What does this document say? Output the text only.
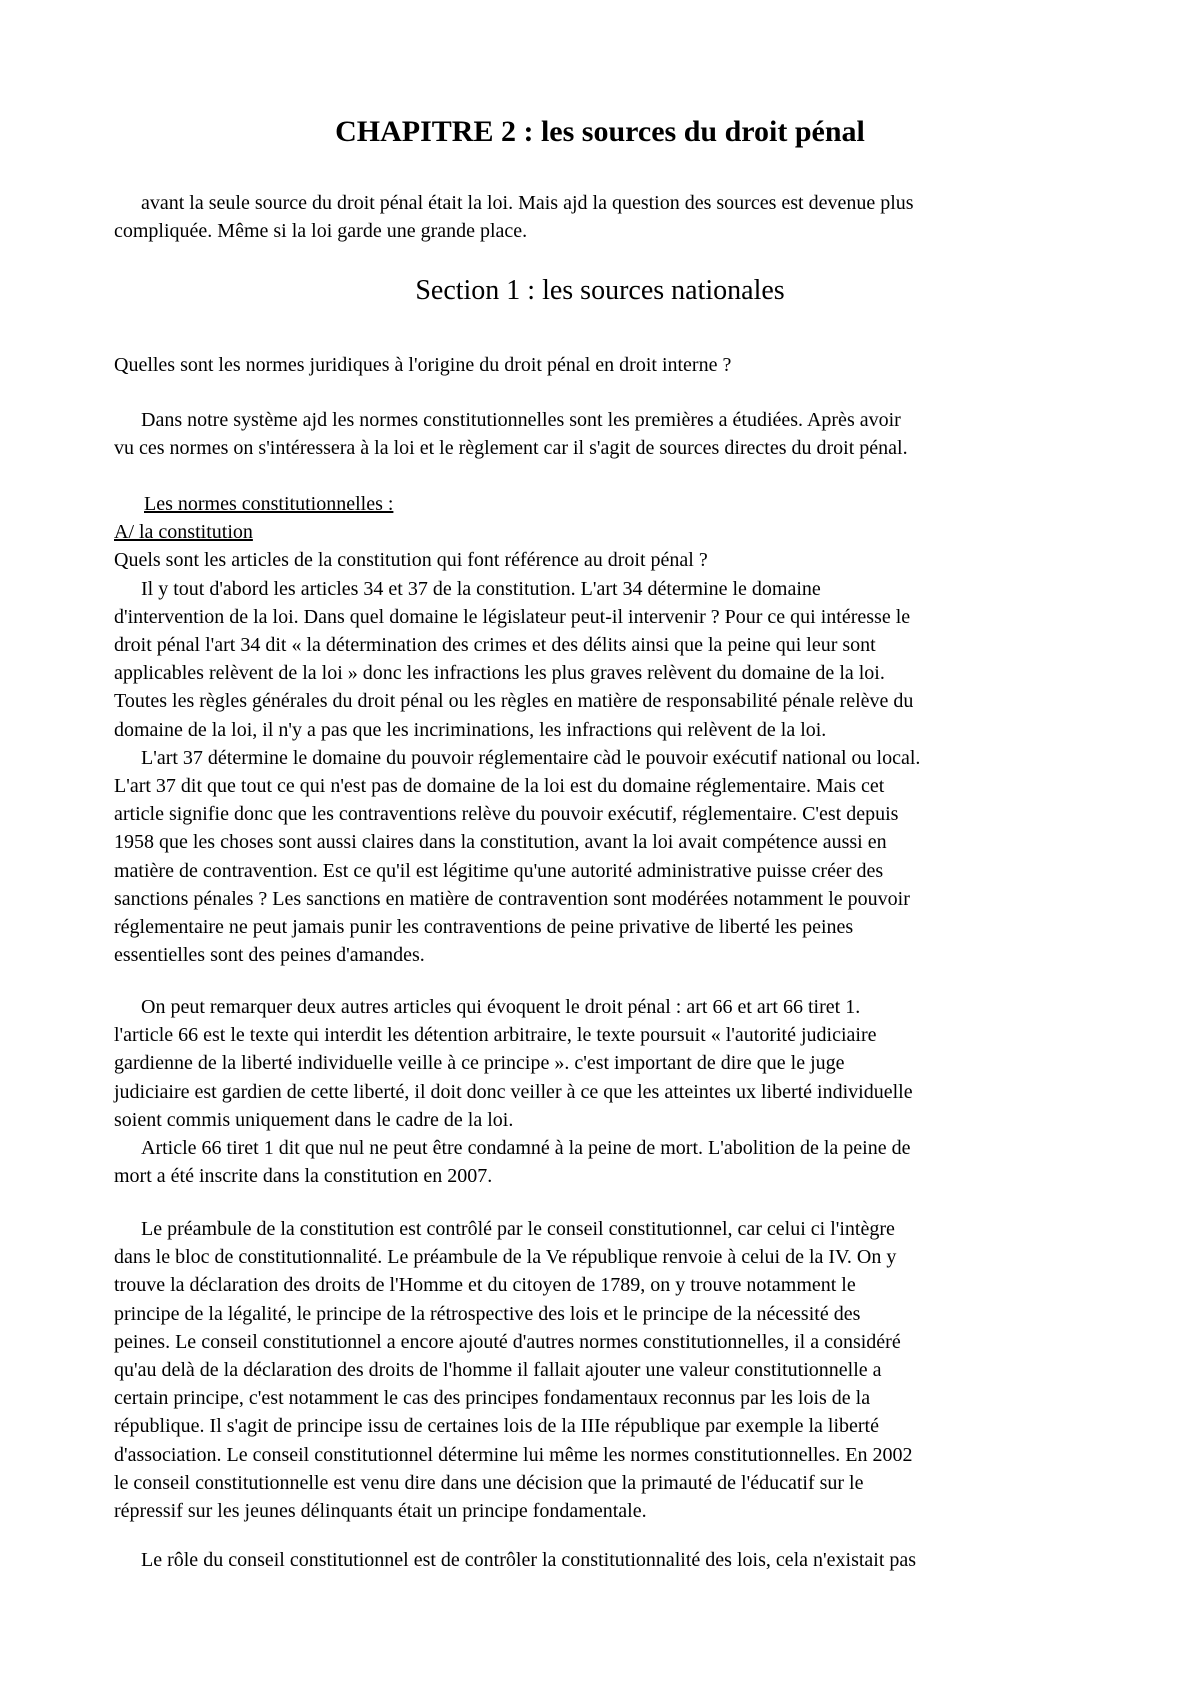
CHAPITRE 2 : les sources du droit pénal
avant la seule source du droit pénal était la loi. Mais ajd la question des sources est devenue plus
compliquée. Même si la loi garde une grande place.
Section 1 : les sources nationales
Quelles sont les normes juridiques à l'origine du droit pénal en droit interne ?
Dans notre système ajd les normes constitutionnelles sont les premières a étudiées. Après avoir
vu ces normes on s'intéressera à la loi et le règlement car il s'agit de sources directes du droit pénal.
Les normes constitutionnelles :
A/ la constitution
Quels sont les articles de la constitution qui font référence au droit pénal ?
Il y tout d'abord les articles 34 et 37 de la constitution. L'art 34 détermine le domaine
d'intervention de la loi. Dans quel domaine le législateur peut-il intervenir ? Pour ce qui intéresse le
droit pénal l'art 34 dit « la détermination des crimes et des délits ainsi que la peine qui leur sont
applicables relèvent de la loi » donc les infractions les plus graves relèvent du domaine de la loi.
Toutes les règles générales du droit pénal ou les règles en matière de responsabilité pénale relève du
domaine de la loi, il n'y a pas que les incriminations, les infractions qui relèvent de la loi.
L'art 37 détermine le domaine du pouvoir réglementaire càd le pouvoir exécutif national ou local.
L'art 37 dit que tout ce qui n'est pas de domaine de la loi est du domaine réglementaire. Mais cet
article signifie donc que les contraventions relève du pouvoir exécutif, réglementaire. C'est depuis
1958 que les choses sont aussi claires dans la constitution, avant la loi avait compétence aussi en
matière de contravention. Est ce qu'il est légitime qu'une autorité administrative puisse créer des
sanctions pénales ? Les sanctions en matière de contravention sont modérées notamment le pouvoir
réglementaire ne peut jamais punir les contraventions de peine privative de liberté les peines
essentielles sont des peines d'amandes.
On peut remarquer deux autres articles qui évoquent le droit pénal : art 66 et art 66 tiret 1.
l'article 66 est le texte qui interdit les détention arbitraire, le texte poursuit « l'autorité judiciaire
gardienne de la liberté individuelle veille à ce principe ». c'est important de dire que le juge
judiciaire est gardien de cette liberté, il doit donc veiller à ce que les atteintes ux liberté individuelle
soient commis uniquement dans le cadre de la loi.
Article 66 tiret 1 dit que nul ne peut être condamné à la peine de mort. L'abolition de la peine de
mort a été inscrite dans la constitution en 2007.
Le préambule de la constitution est contrôlé par le conseil constitutionnel, car celui ci l'intègre
dans le bloc de constitutionnalité. Le préambule de la Ve république renvoie à celui de la IV. On y
trouve la déclaration des droits de l'Homme et du citoyen de 1789, on y trouve notamment le
principe de la légalité, le principe de la rétrospective des lois et le principe de la nécessité des
peines. Le conseil constitutionnel a encore ajouté d'autres normes constitutionnelles, il a considéré
qu'au delà de la déclaration des droits de l'homme il fallait ajouter une valeur constitutionnelle a
certain principe, c'est notamment le cas des principes fondamentaux reconnus par les lois de la
république. Il s'agit de principe issu de certaines lois de la IIIe république par exemple la liberté
d'association. Le conseil constitutionnel détermine lui même les normes constitutionnelles. En 2002
le conseil constitutionnelle est venu dire dans une décision que la primauté de l'éducatif sur le
répressif sur les jeunes délinquants était un principe fondamentale.
Le rôle du conseil constitutionnel est de contrôler la constitutionnalité des lois, cela n'existait pas
